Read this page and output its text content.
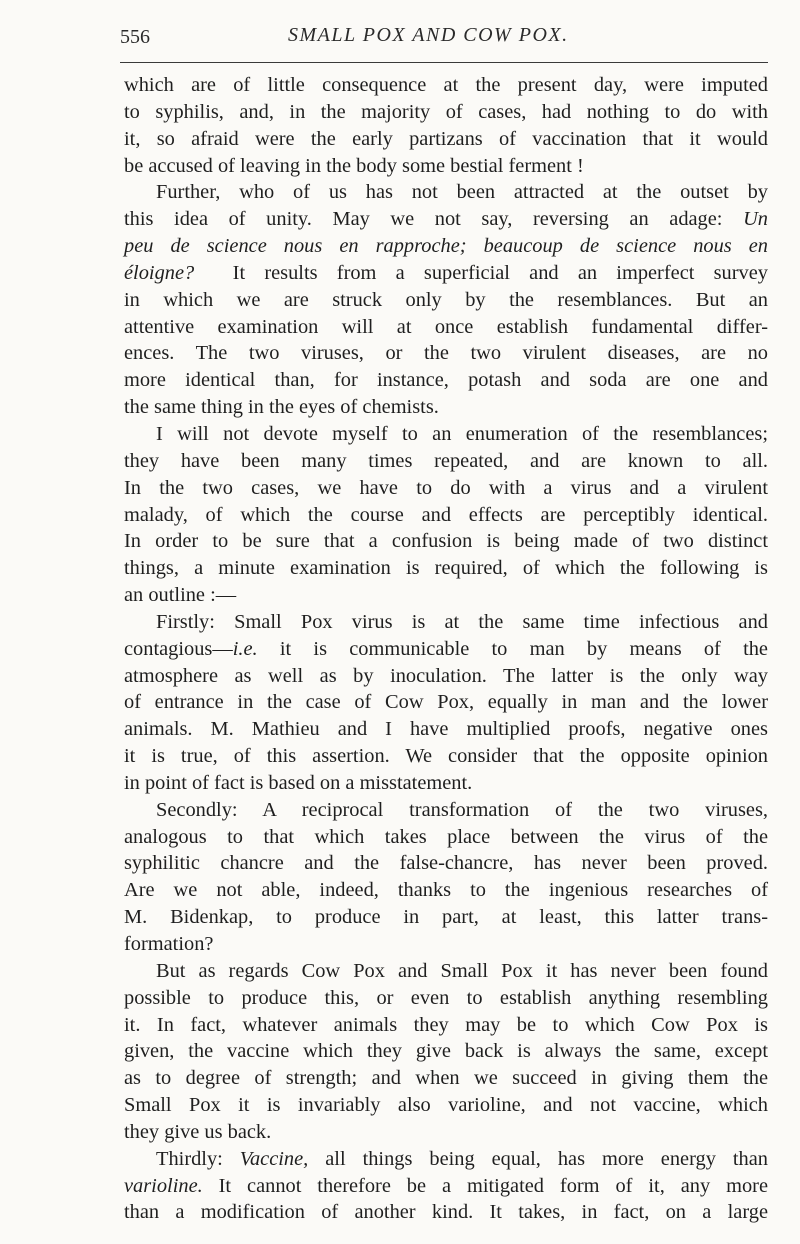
556	SMALL POX AND COW POX.

which are of little consequence at the present day, were imputed
to syphilis, and, in the majority of cases, had nothing to do with
it, so afraid were the early partizans of vaccination that it would
be accused of leaving in the body some bestial ferment !

Further, who of us has not been attracted at the outset by
this idea of unity. May we not say, reversing an adage: Un
peu de science nous en rapproche; beaucoup de science nous en
éloigne? It results from a superficial and an imperfect survey
in which we are struck only by the resemblances. But an
attentive examination will at once establish fundamental differ-
ences. The two viruses, or the two virulent diseases, are no
more identical than, for instance, potash and soda are one and
the same thing in the eyes of chemists.

I will not devote myself to an enumeration of the resemblances;
they have been many times repeated, and are known to all.
In the two cases, we have to do with a virus and a virulent
malady, of which the course and effects are perceptibly identical.
In order to be sure that a confusion is being made of two distinct
things, a minute examination is required, of which the following is
an outline :—

Firstly: Small Pox virus is at the same time infectious and
contagious—i.e. it is communicable to man by means of the
atmosphere as well as by inoculation. The latter is the only way
of entrance in the case of Cow Pox, equally in man and the lower
animals. M. Mathieu and I have multiplied proofs, negative ones
it is true, of this assertion. We consider that the opposite opinion
in point of fact is based on a misstatement.

Secondly: A reciprocal transformation of the two viruses,
analogous to that which takes place between the virus of the
syphilitic chancre and the false-chancre, has never been proved.
Are we not able, indeed, thanks to the ingenious researches of
M. Bidenkap, to produce in part, at least, this latter trans-
formation?

But as regards Cow Pox and Small Pox it has never been found
possible to produce this, or even to establish anything resembling
it. In fact, whatever animals they may be to which Cow Pox is
given, the vaccine which they give back is always the same, except
as to degree of strength; and when we succeed in giving them the
Small Pox it is invariably also varioline, and not vaccine, which
they give us back.

Thirdly: Vaccine, all things being equal, has more energy than
varioline. It cannot therefore be a mitigated form of it, any more
than a modification of another kind. It takes, in fact, on a large
